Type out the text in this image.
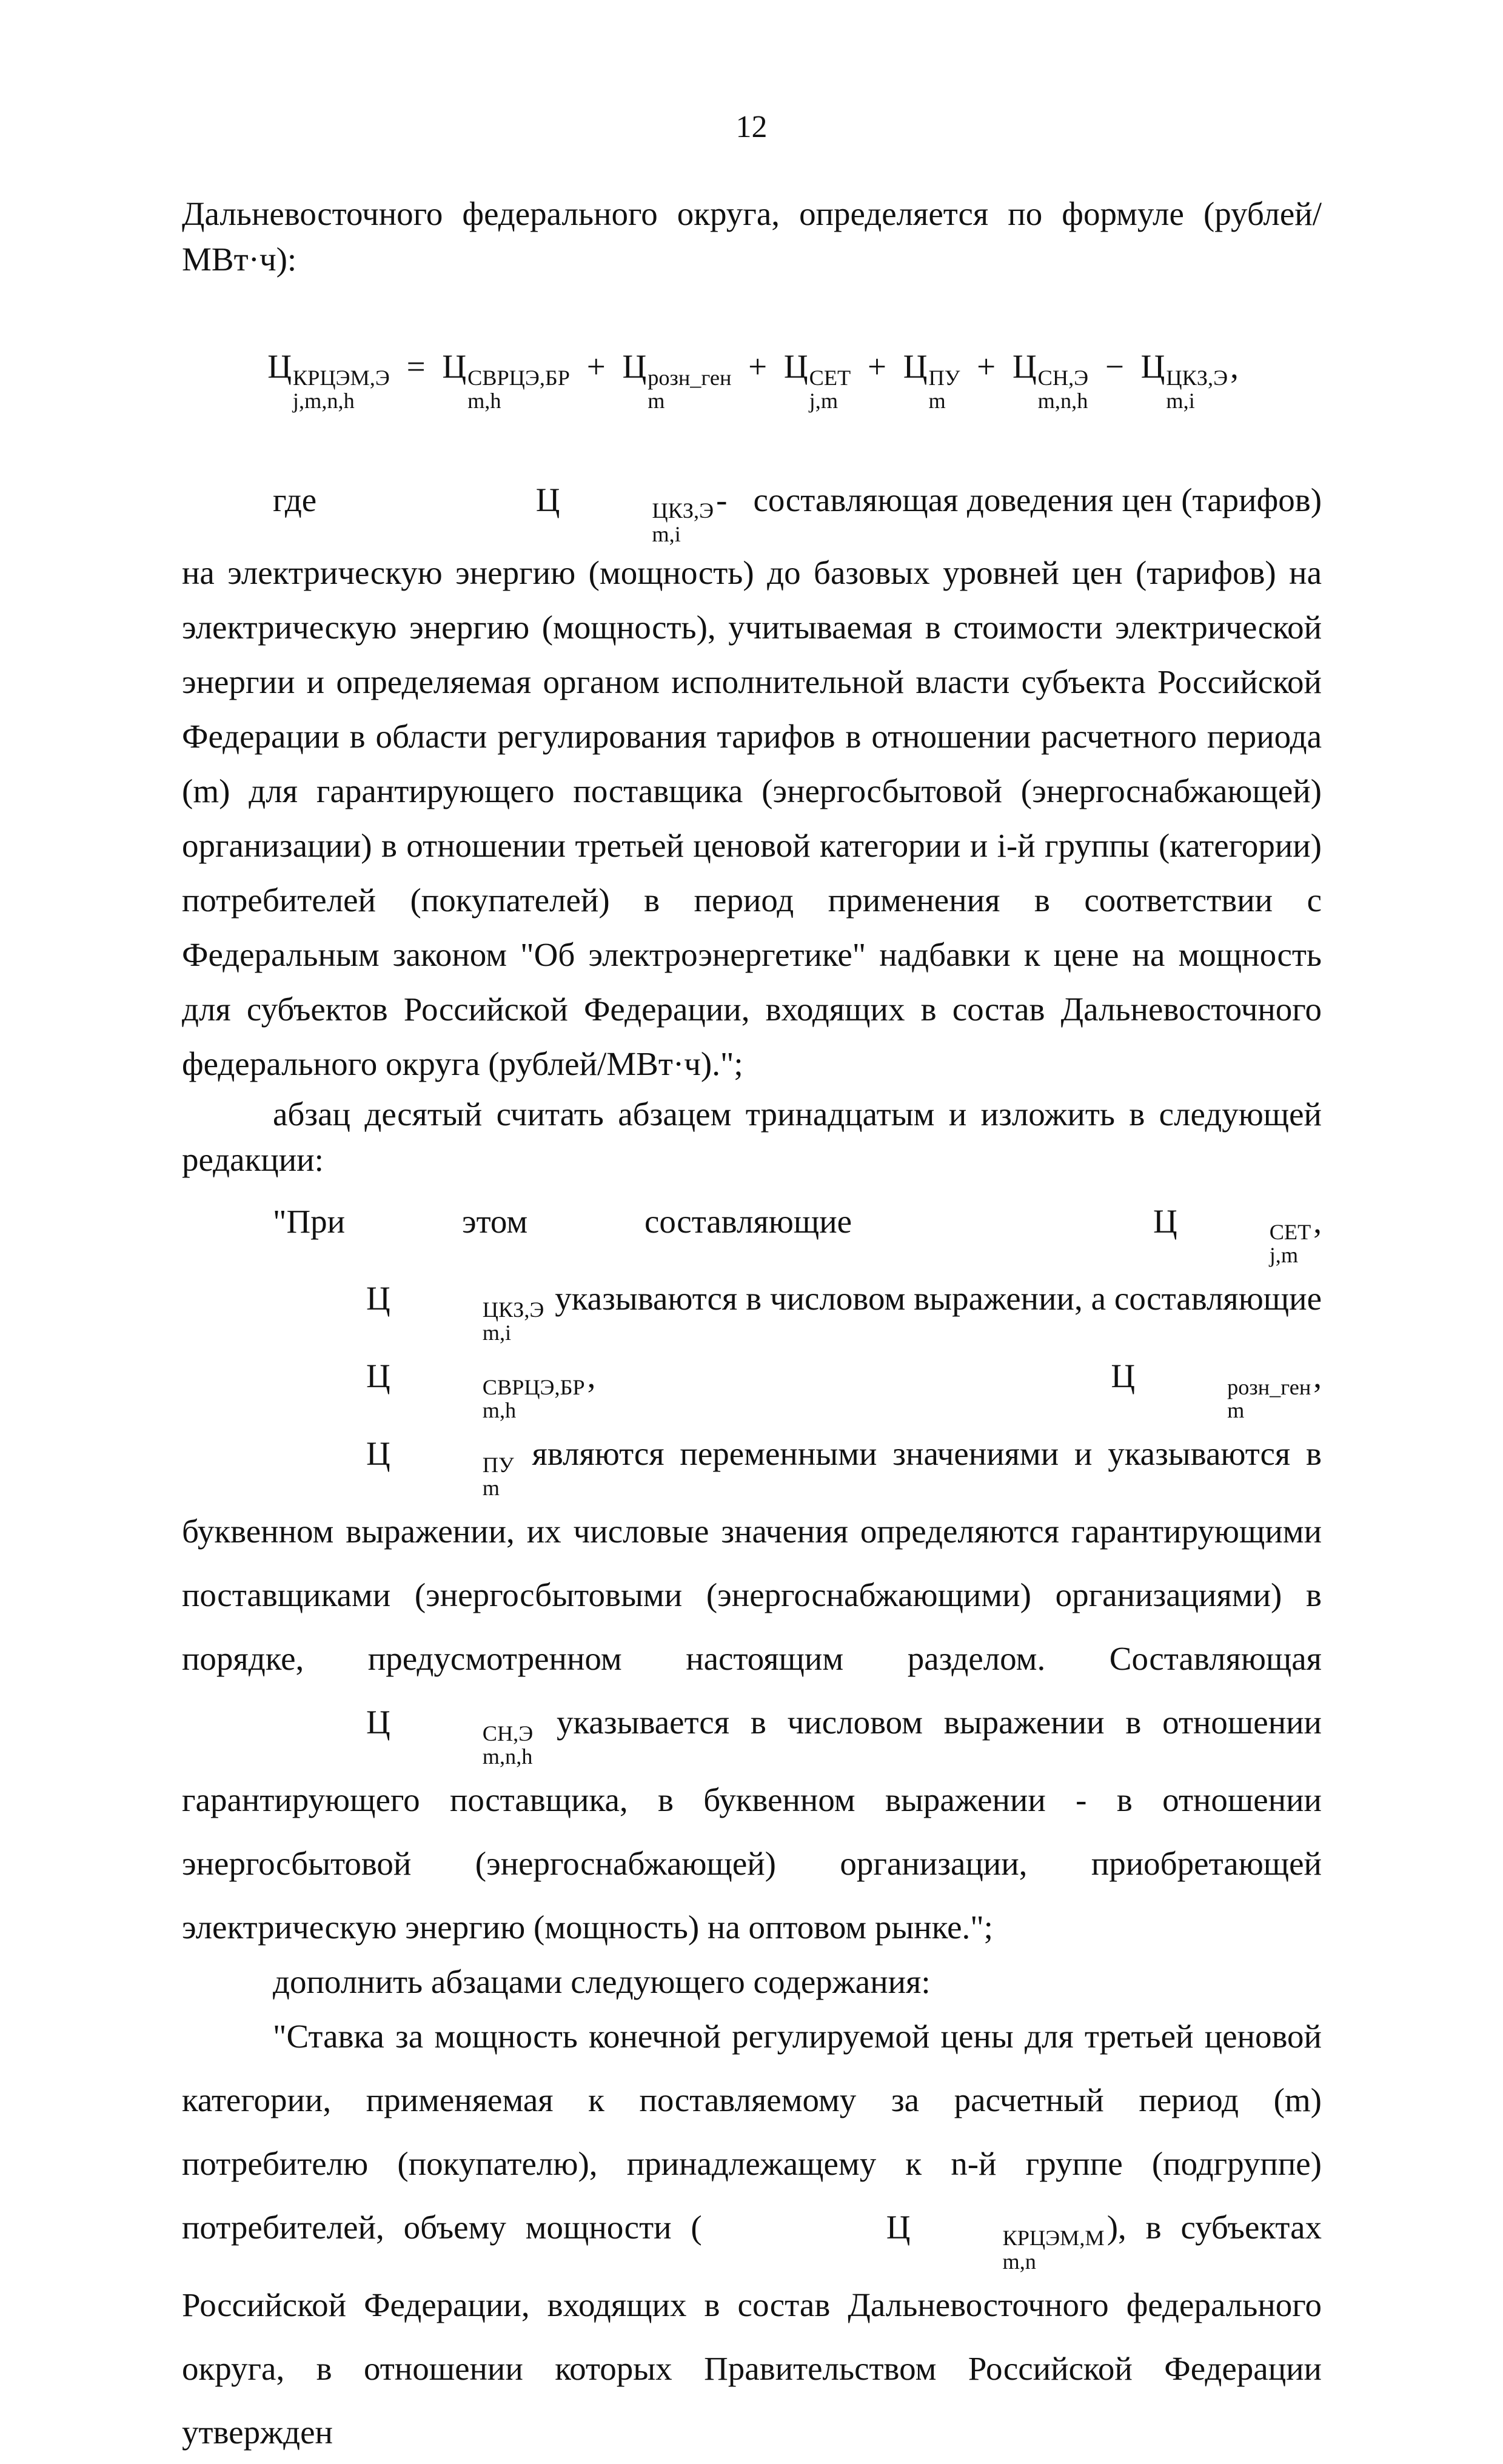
12

Дальневосточного федерального округа, определяется по формуле (рублей/МВт·ч):

Ц КРЦЭМ,Э
j,m,n,h
= Ц СВРЦЭ,БР
m,h
+ Ц розн_ген
m
+ Ц СЕТ
j,m
+ Ц ПУ
m
+ Ц СН,Э
m,n,h
− Ц ЦКЗ,Э
m,i
,

где	Ц	ЦКЗ,Э
m,i
- составляющая доведения цен (тарифов) на электрическую энергию (мощность) до базовых уровней цен (тарифов) на электрическую энергию (мощность), учитываемая в стоимости электрической энергии и определяемая органом исполнительной власти субъекта Российской Федерации в области регулирования тарифов в отношении расчетного периода (m) для гарантирующего поставщика (энергосбытовой (энергоснабжающей) организации) в отношении третьей ценовой категории и i-й группы (категории) потребителей (покупателей) в период применения в соответствии с Федеральным законом "Об электроэнергетике" надбавки к цене на мощность для субъектов Российской Федерации, входящих в состав Дальневосточного федерального округа (рублей/МВт·ч).";

абзац десятый считать абзацем тринадцатым и изложить в следующей редакции:

"При этом составляющие	Ц	СЕТ
j,m
, Ц	ЦКЗ,Э
m,i
указываются в числовом выражении, а составляющие Ц	СВРЦЭ,БР
m,h
,	Ц	розн_ген
m
, Ц	ПУ
m
являются переменными значениями и указываются в буквенном выражении, их числовые значения определяются гарантирующими поставщиками (энергосбытовыми (энергоснабжающими) организациями) в порядке, предусмотренном настоящим разделом. Составляющая Ц	СН,Э
m,n,h
указывается в числовом выражении в отношении гарантирующего поставщика, в буквенном выражении - в отношении энергосбытовой (энергоснабжающей) организации, приобретающей электрическую энергию (мощность) на оптовом рынке.";

дополнить абзацами следующего содержания:

"Ставка за мощность конечной регулируемой цены для третьей ценовой категории, применяемая к поставляемому за расчетный период (m) потребителю (покупателю), принадлежащему к n-й группе (подгруппе) потребителей, объему мощности (	Ц	КРЦЭМ,М
m,n
), в субъектах Российской Федерации, входящих в состав Дальневосточного федерального округа, в отношении которых Правительством Российской Федерации утвержден
